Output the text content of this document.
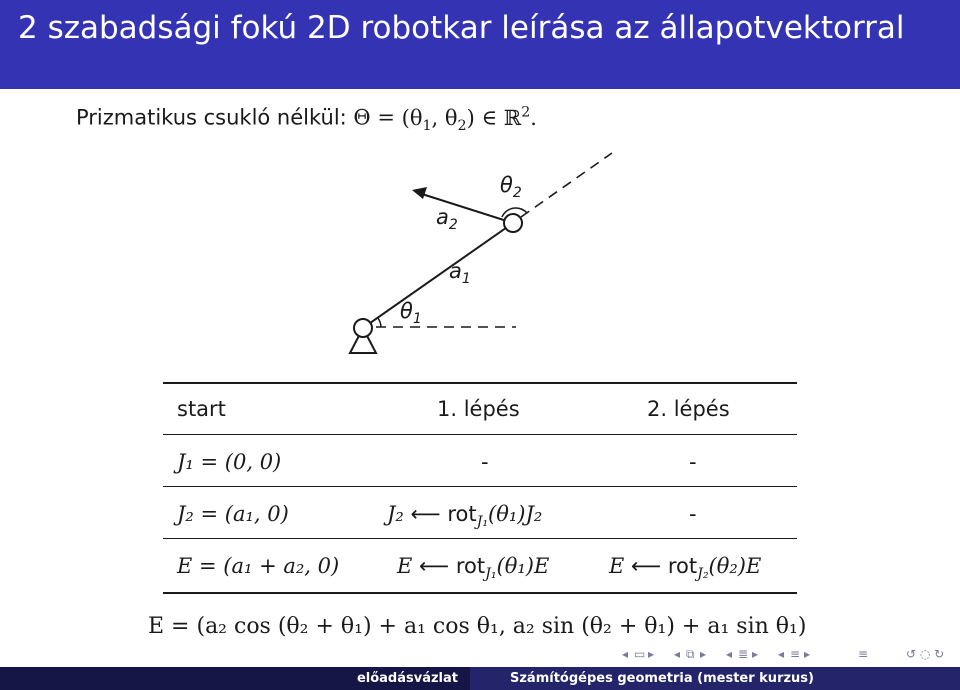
2 szabadsági fokú 2D robotkar leírása az állapotvektorral
Prizmatikus csukló nélkül: $\Theta = (\theta_1$, $\theta_2$) ∈ ℝ$^2$.
$a_2$
$a_1$
$\theta_1$
$\theta_2$
start	1. lépés	2. lépés
J₁ = (0, 0)	-	-
J₂ = (a₁, 0)	J₂ ⟵ rot$_{J_1}$(θ₁)J₂	-
E = (a₁ + a₂, 0)	E ⟵ rot$_{J_1}$(θ₁)E	E ⟵ rot$_{J_2}$(θ₂)E
E = (a₂ cos (θ₂ + θ₁) + a₁ cos θ₁, a₂ sin (θ₂ + θ₁) + a₁ sin θ₁)
◂ ▭ ▸ ◂ ⧉ ▸ ◂ ≣ ▸ ◂ ≡ ▸	≡	↺ ◌ ↻
előadásvázlat	Számítógépes geometria (mester kurzus)
